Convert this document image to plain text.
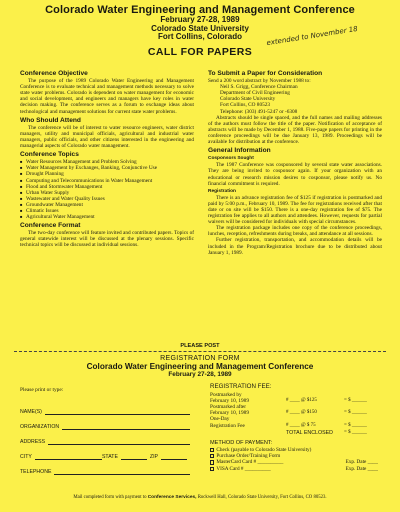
Colorado Water Engineering and Management Conference
February 27-28, 1989
Colorado State University
Fort Collins, Colorado
CALL FOR PAPERS
extended to November 18
Conference Objective

The purpose of the 1989 Colorado Water Engineering and Management Conference is to evaluate technical and management methods necessary to solve state water problems. Colorado is dependent on water management for economic and social development, and engineers and managers have key roles in water decision making. The conference serves as a forum to exchange ideas about technological and management solutions for current state water problems.

Who Should Attend

The conference will be of interest to water resource engineers, water district managers, utility and municipal officials, agricultural and industrial water managers, public officials, and other citizens interested in the engineering and managerial aspects of Colorado water management.

Conference Topics
■ Water Resources Management and Problem Solving
■ Water Management by Exchanges, Banking, Conjunctive Use
■ Drought Planning
■ Computing and Telecommunications in Water Management
■ Flood and Stormwater Management
■ Urban Water Supply
■ Wastewater and Water Quality Issues
■ Groundwater Management
■ Climatic Issues
■ Agricultural Water Management
Conference Format

The two-day conference will feature invited and contributed papers. Topics of general statewide interest will be discussed at the plenary sessions. Specific technical topics will be discussed at individual sessions.

To Submit a Paper for Consideration

Send a 200 word abstract by November 1988 to:

Neil S. Grigg, Conference Chairman
Department of Civil Engineering
Colorado State University
Fort Collins, CO 80523
Telephone: (303) 491-5247 or -6308

Abstracts should be single spaced, and the full names and mailing addresses of the authors must follow the title of the paper. Notification of acceptance of abstracts will be made by December 1, 1988. Five-page papers for printing in the conference proceedings will be due January 13, 1989. Proceedings will be available for distribution at the conference.

General Information
Cosponsors Sought

The 1987 Conference was cosponsored by several state water associations. They are being invited to cosponsor again. If your organization with an educational or research mission desires to cosponsor, please notify us. No financial commitment is required.

Registration

There is an advance registration fee of $125 if registration is postmarked and paid by 5:00 p.m., February 10, 1989. The fee for registrations received after that date or on site will be $150. There is a one-day registration fee of $75. The registration fee applies to all authors and attendees. However, requests for partial waivers will be considered for individuals with special circumstances.

The registration package includes one copy of the conference proceedings, lunches, reception, refreshments during breaks, and attendance at all sessions.

Further registration, transportation, and accommodation details will be included in the Program/Registration brochure due to be distributed about January 1, 1989.

PLEASE POST
REGISTRATION FORM
Colorado Water Engineering and Management Conference
February 27-28, 1989
Please print or type:
NAME(S)
ORGANIZATION
ADDRESS
CITY	STATE	ZIP
TELEPHONE
REGISTRATION FEE:
Postmarked by
February 10, 1989	# ____ @ $125	= $ ______
Postmarked after
February 10, 1989	# ____ @ $150	= $ ______
One-Day
Registration Fee	# ____ @ $ 75	= $ ______
TOTAL ENCLOSED	= $ ______
METHOD OF PAYMENT:
Check (payable to Colorado State University)
Purchase Order/Training Form
MasterCard Card # __________	Exp. Date ____
VISA Card # __________	Exp. Date ____
Mail completed form with payment to Conference Services, Rockwell Hall, Colorado State University, Fort Collins, CO 80523.
